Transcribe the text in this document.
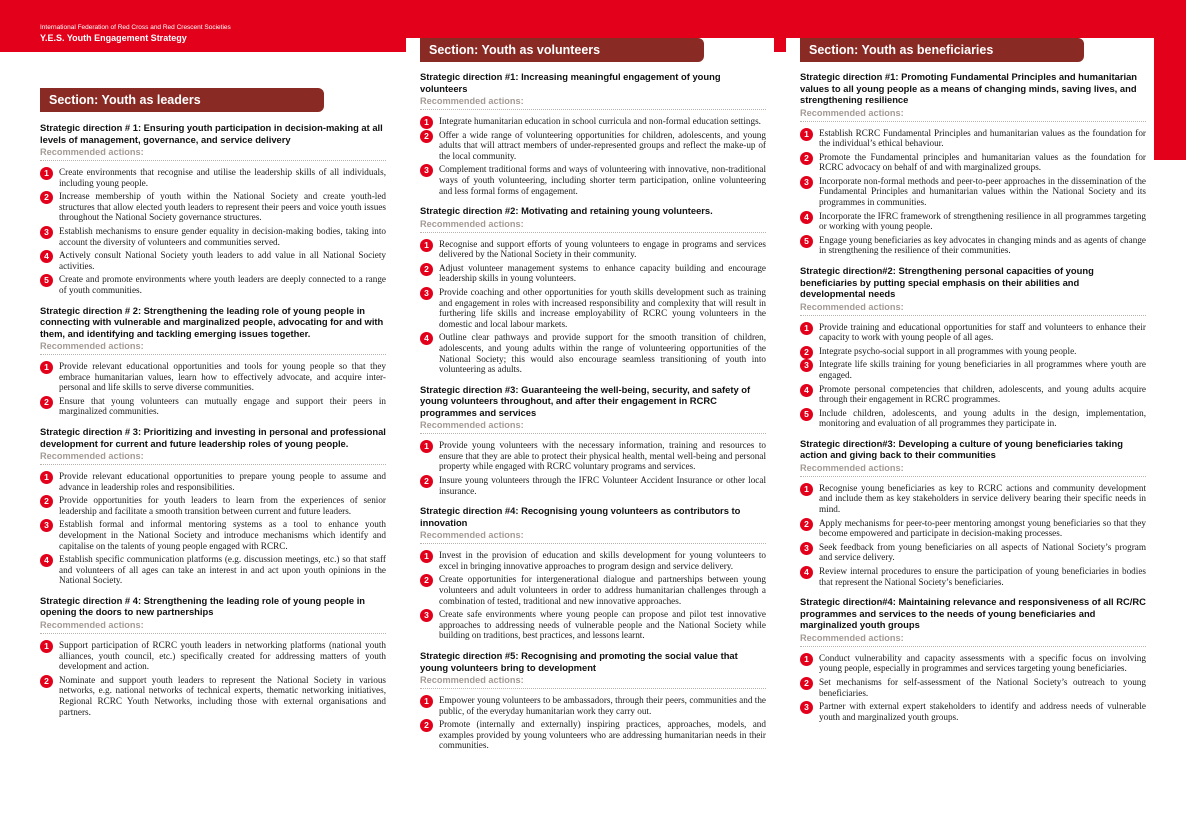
International Federation of Red Cross and Red Crescent Societies
Y.E.S. Youth Engagement Strategy
Section: Youth as leaders
Strategic direction # 1: Ensuring youth participation in decision-making at all levels of management, governance, and service delivery
Recommended actions:
1	Create environments that recognise and utilise the leadership skills of all individuals, including young people.
2	Increase membership of youth within the National Society and create youth-led structures that allow elected youth leaders to represent their peers and voice youth issues throughout the National Society governance structures.
3	Establish mechanisms to ensure gender equality in decision-making bodies, taking into account the diversity of volunteers and communities served.
4	Actively consult National Society youth leaders to add value in all National Society activities.
5	Create and promote environments where youth leaders are deeply connected to a range of youth communities.
Strategic direction # 2: Strengthening the leading role of young people in connecting with vulnerable and marginalized people, advocating for and with them, and identifying and tackling emerging issues together.
Recommended actions:
1	Provide relevant educational opportunities and tools for young people so that they embrace humanitarian values, learn how to effectively advocate, and acquire inter-personal and life skills to serve diverse communities.
2	Ensure that young volunteers can mutually engage and support their peers in marginalized communities.
Strategic direction # 3: Prioritizing and investing in personal and professional development for current and future leadership roles of young people.
Recommended actions:
1	Provide relevant educational opportunities to prepare young people to assume and advance in leadership roles and responsibilities.
2	Provide opportunities for youth leaders to learn from the experiences of senior leadership and facilitate a smooth transition between current and future leaders.
3	Establish formal and informal mentoring systems as a tool to enhance youth development in the National Society and introduce mechanisms which identify and capitalise on the talents of young people engaged with RCRC.
4	Establish specific communication platforms (e.g. discussion meetings, etc.) so that staff and volunteers of all ages can take an interest in and act upon youth opinions in the National Society.
Strategic direction # 4: Strengthening the leading role of young people in opening the doors to new partnerships
Recommended actions:
1	Support participation of RCRC youth leaders in networking platforms (national youth alliances, youth council, etc.) specifically created for addressing matters of youth development and action.
2	Nominate and support youth leaders to represent the National Society in various networks, e.g. national networks of technical experts, thematic networking initiatives, Regional RCRC Youth Networks, including those with external organisations and partners.
Section: Youth as volunteers
Strategic direction #1: Increasing meaningful engagement of young volunteers
Recommended actions:
1	Integrate humanitarian education in school curricula and non-formal education settings.
2	Offer a wide range of volunteering opportunities for children, adolescents, and young adults that will attract members of under-represented groups and reflect the make-up of the local community.
3	Complement traditional forms and ways of volunteering with innovative, non-traditional ways of youth volunteering, including shorter term participation, online volunteering and less formal forms of engagement.
Strategic direction #2: Motivating and retaining young volunteers.
Recommended actions:
1	Recognise and support efforts of young volunteers to engage in programs and services delivered by the National Society in their community.
2	Adjust volunteer management systems to enhance capacity building and encourage leadership skills in young volunteers.
3	Provide coaching and other opportunities for youth skills development such as training and engagement in roles with increased responsibility and complexity that will result in furthering life skills and increase employability of RCRC young volunteers in the domestic and local labour markets.
4	Outline clear pathways and provide support for the smooth transition of children, adolescents, and young adults within the range of volunteering opportunities of the National Society; this would also encourage seamless transitioning of youth into volunteering as adults.
Strategic direction #3: Guaranteeing the well-being, security, and safety of young volunteers throughout, and after their engagement in RCRC programmes and services
Recommended actions:
1	Provide young volunteers with the necessary information, training and resources to ensure that they are able to protect their physical health, mental well-being and personal property while engaged with RCRC voluntary programs and services.
2	Insure young volunteers through the IFRC Volunteer Accident Insurance or other local insurance.
Strategic direction #4: Recognising young volunteers as contributors to innovation
Recommended actions:
1	Invest in the provision of education and skills development for young volunteers to excel in bringing innovative approaches to program design and service delivery.
2	Create opportunities for intergenerational dialogue and partnerships between young volunteers and adult volunteers in order to address humanitarian challenges through a combination of tested, traditional and new innovative approaches.
3	Create safe environments where young people can propose and pilot test innovative approaches to addressing needs of vulnerable people and the National Society while building on traditions, best practices, and lessons learnt.
Strategic direction #5: Recognising and promoting the social value that young volunteers bring to development
Recommended actions:
1	Empower young volunteers to be ambassadors, through their peers, communities and the public, of the everyday humanitarian work they carry out.
2	Promote (internally and externally) inspiring practices, approaches, models, and examples provided by young volunteers who are addressing humanitarian needs in their communities.
Section: Youth as beneficiaries
Strategic direction #1: Promoting Fundamental Principles and humanitarian values to all young people as a means of changing minds, saving lives, and strengthening resilience
Recommended actions:
1	Establish RCRC Fundamental Principles and humanitarian values as the foundation for the individual’s ethical behaviour.
2	Promote the Fundamental principles and humanitarian values as the foundation for RCRC advocacy on behalf of and with marginalized groups.
3	Incorporate non-formal methods and peer-to-peer approaches in the dissemination of the Fundamental Principles and humanitarian values within the National Society and its programmes in communities.
4	Incorporate the IFRC framework of strengthening resilience in all programmes targeting or working with young people.
5	Engage young beneficiaries as key advocates in changing minds and as agents of change in strengthening the resilience of their communities.
Strategic direction#2: Strengthening personal capacities of young beneficiaries by putting special emphasis on their abilities and developmental needs
Recommended actions:
1	Provide training and educational opportunities for staff and volunteers to enhance their capacity to work with young people of all ages.
2	Integrate psycho-social support in all programmes with young people.
3	Integrate life skills training for young beneficiaries in all programmes where youth are engaged.
4	Promote personal competencies that children, adolescents, and young adults acquire through their engagement in RCRC programmes.
5	Include children, adolescents, and young adults in the design, implementation, monitoring and evaluation of all programmes they participate in.
Strategic direction#3: Developing a culture of young beneficiaries taking action and giving back to their communities
Recommended actions:
1	Recognise young beneficiaries as key to RCRC actions and community development and include them as key stakeholders in service delivery bearing their specific needs in mind.
2	Apply mechanisms for peer-to-peer mentoring amongst young beneficiaries so that they become empowered and participate in decision-making processes.
3	Seek feedback from young beneficiaries on all aspects of National Society’s program and service delivery.
4	Review internal procedures to ensure the participation of young beneficiaries in bodies that represent the National Society’s beneficiaries.
Strategic direction#4: Maintaining relevance and responsiveness of all RC/RC programmes and services to the needs of young beneficiaries and marginalized youth groups
Recommended actions:
1	Conduct vulnerability and capacity assessments with a specific focus on involving young people, especially in programmes and services targeting young beneficiaries.
2	Set mechanisms for self-assessment of the National Society’s outreach to young beneficiaries.
3	Partner with external expert stakeholders to identify and address needs of vulnerable youth and marginalized youth groups.
